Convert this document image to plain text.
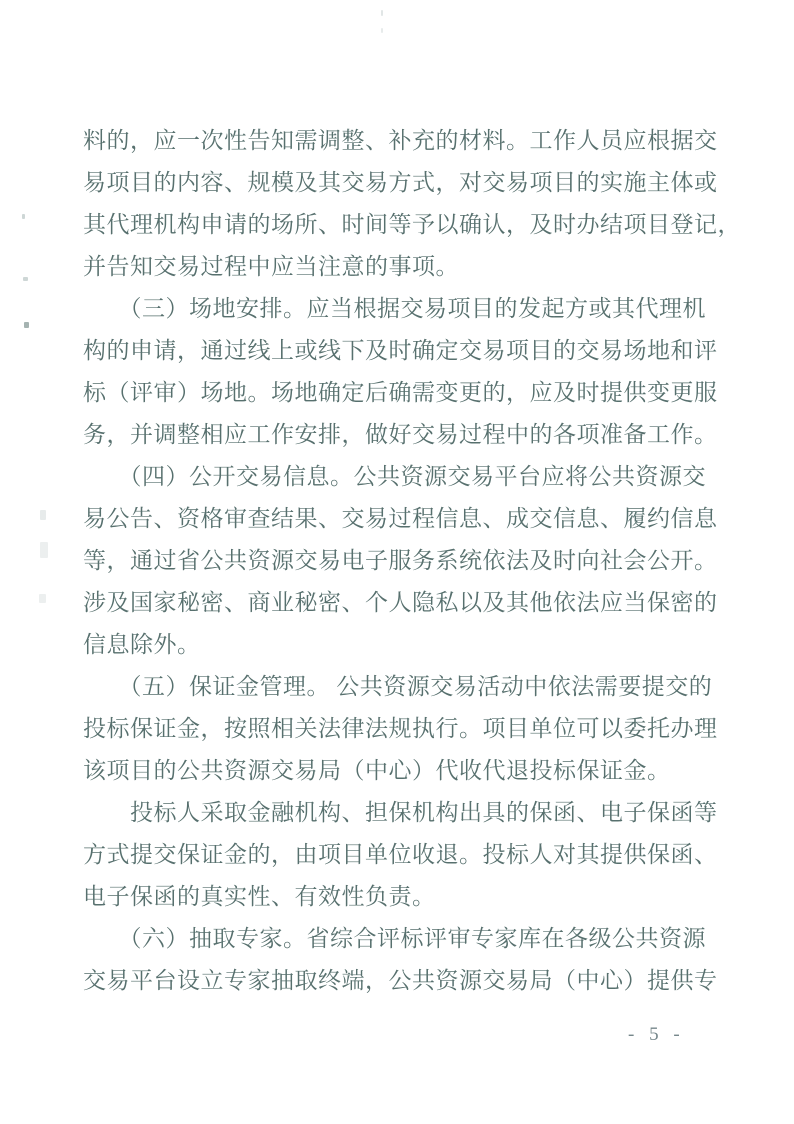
料的，应一次性告知需调整、补充的材料。工作人员应根据交
易项目的内容、规模及其交易方式，对交易项目的实施主体或
其代理机构申请的场所、时间等予以确认，及时办结项目登记，
并告知交易过程中应当注意的事项。
　　（三）场地安排。应当根据交易项目的发起方或其代理机
构的申请，通过线上或线下及时确定交易项目的交易场地和评
标（评审）场地。场地确定后确需变更的，应及时提供变更服
务，并调整相应工作安排，做好交易过程中的各项准备工作。
　　（四）公开交易信息。公共资源交易平台应将公共资源交
易公告、资格审查结果、交易过程信息、成交信息、履约信息
等，通过省公共资源交易电子服务系统依法及时向社会公开。
涉及国家秘密、商业秘密、个人隐私以及其他依法应当保密的
信息除外。
　　（五）保证金管理。 公共资源交易活动中依法需要提交的
投标保证金，按照相关法律法规执行。项目单位可以委托办理
该项目的公共资源交易局（中心）代收代退投标保证金。
　　投标人采取金融机构、担保机构出具的保函、电子保函等
方式提交保证金的，由项目单位收退。投标人对其提供保函、
电子保函的真实性、有效性负责。
　　（六）抽取专家。省综合评标评审专家库在各级公共资源
交易平台设立专家抽取终端，公共资源交易局（中心）提供专
- 5 -
